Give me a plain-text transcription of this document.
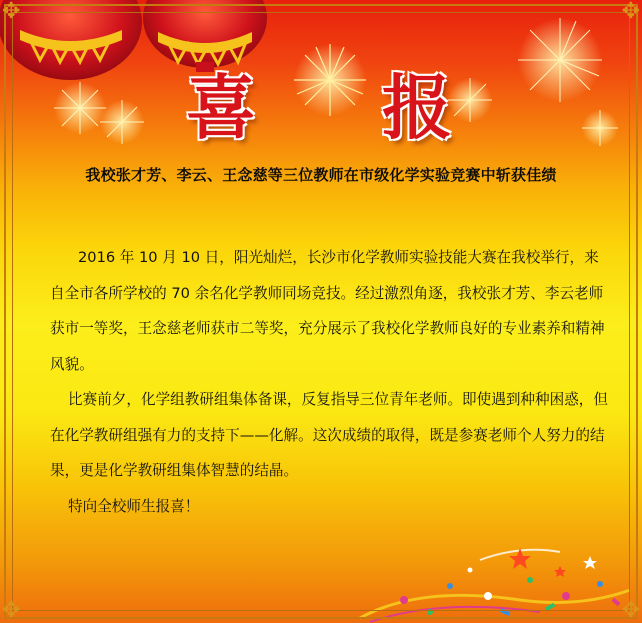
✥	✥
✥	✥
喜 报
我校张才芳、李云、王念慈等三位教师在市级化学实验竞赛中斩获佳绩

2016 年 10 月 10 日，阳光灿烂，长沙市化学教师实验技能大赛在我校举行，来自全市各所学校的 70 余名化学教师同场竞技。经过激烈角逐，我校张才芳、李云老师获市一等奖，王念慈老师获市二等奖，充分展示了我校化学教师良好的专业素养和精神风貌。

比赛前夕，化学组教研组集体备课，反复指导三位青年老师。即使遇到种种困惑，但在化学教研组强有力的支持下——化解。这次成绩的取得，既是参赛老师个人努力的结果，更是化学教研组集体智慧的结晶。

特向全校师生报喜！
